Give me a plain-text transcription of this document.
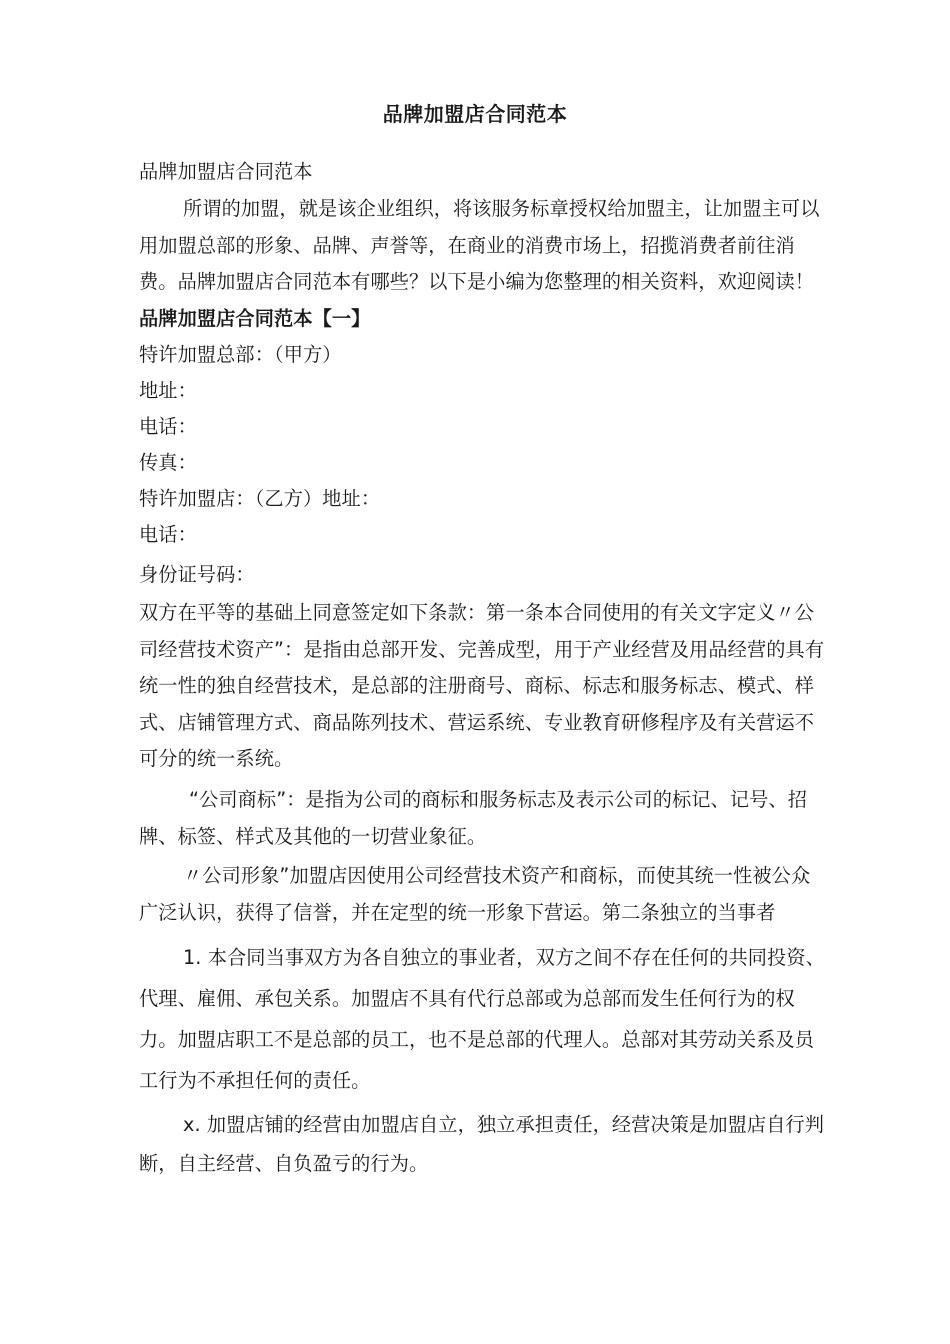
品牌加盟店合同范本

品牌加盟店合同范本

所谓的加盟，就是该企业组织，将该服务标章授权给加盟主，让加盟主可以用加盟总部的形象、品牌、声誉等，在商业的消费市场上，招揽消费者前往消费。品牌加盟店合同范本有哪些？以下是小编为您整理的相关资料，欢迎阅读！品牌加盟店合同范本【一】

特许加盟总部：（甲方）

地址：

电话：

传真：

特许加盟店：（乙方）地址：

电话：

身份证号码：

双方在平等的基础上同意签定如下条款：第一条本合同使用的有关文字定义〃公司经营技术资产”：是指由总部开发、完善成型，用于产业经营及用品经营的具有统一性的独自经营技术，是总部的注册商号、商标、标志和服务标志、模式、样式、店铺管理方式、商品陈列技术、营运系统、专业教育研修程序及有关营运不可分的统一系统。

“公司商标”：是指为公司的商标和服务标志及表示公司的标记、记号、招牌、标签、样式及其他的一切营业象征。

〃公司形象”加盟店因使用公司经营技术资产和商标，而使其统一性被公众广泛认识，获得了信誉，并在定型的统一形象下营运。第二条独立的当事者

1. 本合同当事双方为各自独立的事业者，双方之间不存在任何的共同投资、代理、雇佣、承包关系。加盟店不具有代行总部或为总部而发生任何行为的权力。加盟店职工不是总部的员工，也不是总部的代理人。总部对其劳动关系及员工行为不承担任何的责任。

x. 加盟店铺的经营由加盟店自立，独立承担责任，经营决策是加盟店自行判断，自主经营、自负盈亏的行为。
